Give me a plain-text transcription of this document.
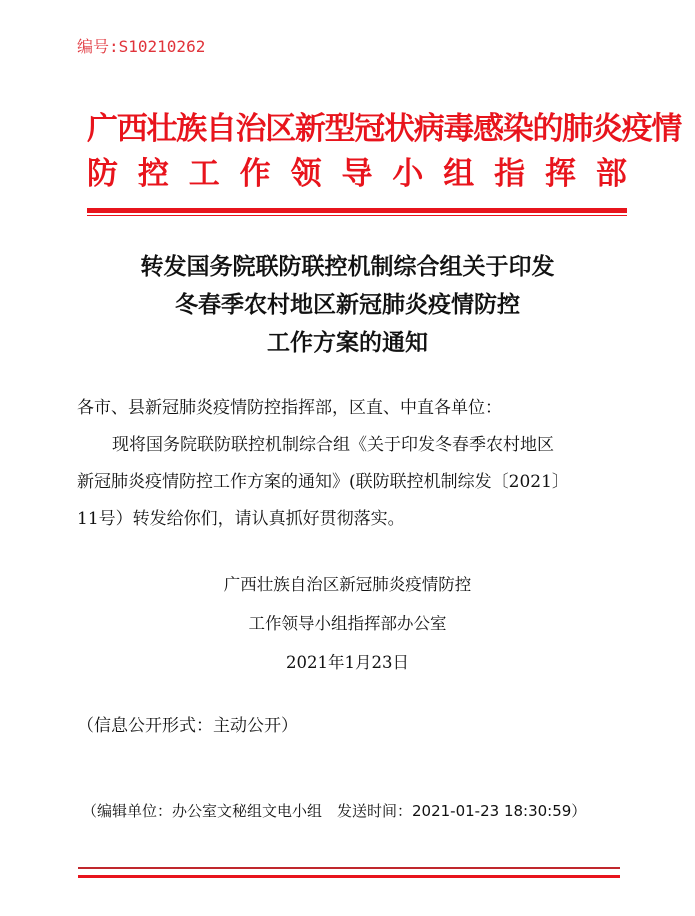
编号:S10210262
广西壮族自治区新型冠状病毒感染的肺炎疫情
防 控 工 作 领 导 小 组 指 挥 部
转发国务院联防联控机制综合组关于印发
冬春季农村地区新冠肺炎疫情防控
工作方案的通知
各市、县新冠肺炎疫情防控指挥部，区直、中直各单位：
现将国务院联防联控机制综合组《关于印发冬春季农村地区
新冠肺炎疫情防控工作方案的通知》(联防联控机制综发〔2021〕
11号）转发给你们，请认真抓好贯彻落实。
广西壮族自治区新冠肺炎疫情防控
工作领导小组指挥部办公室
2021年1月23日
（信息公开形式：主动公开）
（编辑单位：办公室文秘组文电小组　发送时间：2021-01-23 18:30:59）
